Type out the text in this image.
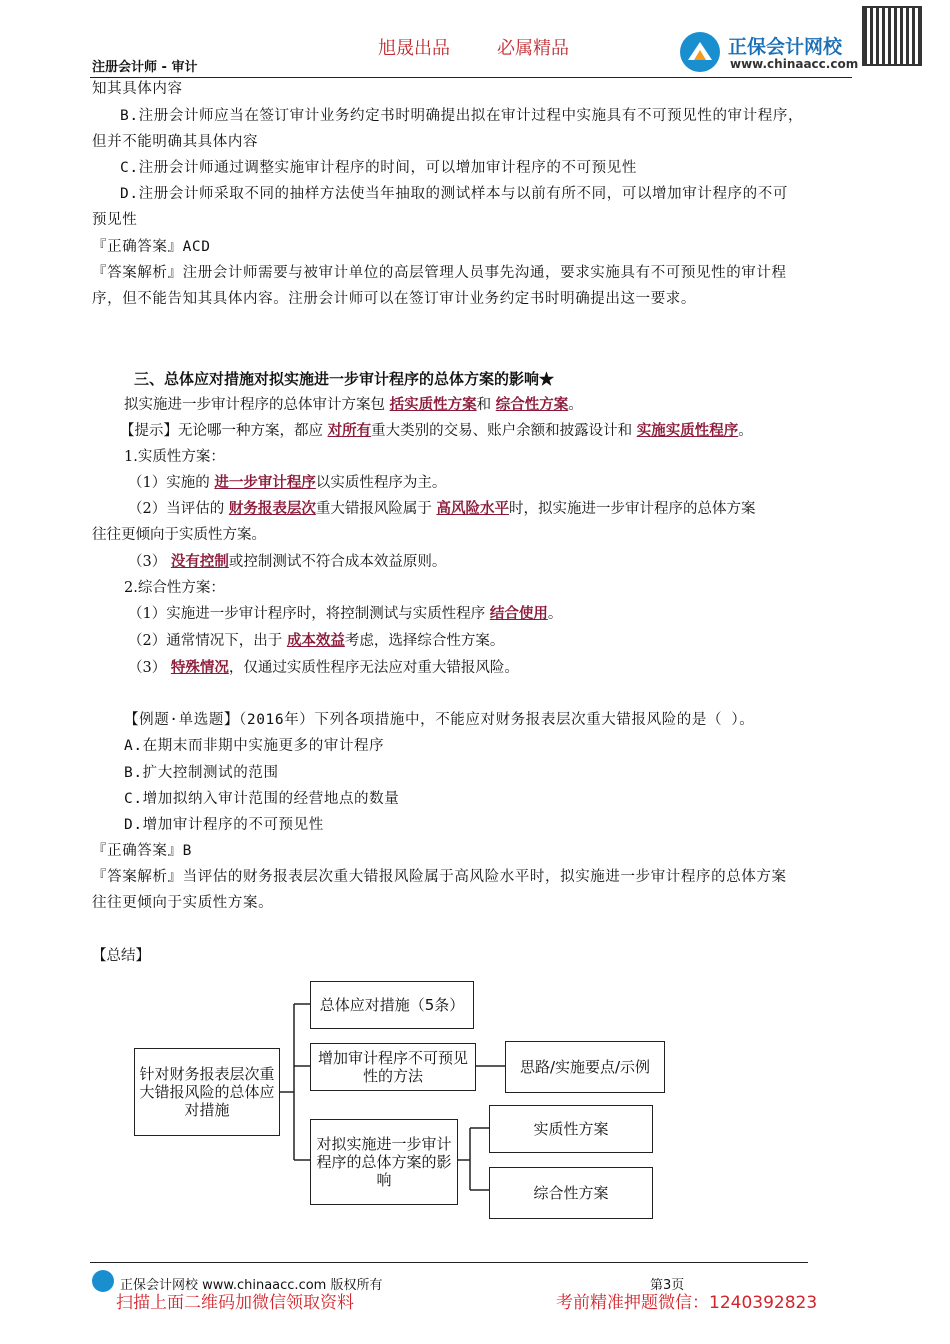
旭晟出品	必属精品
注册会计师 - 审计
正保会计网校
www.chinaacc.com
知其具体内容
B.注册会计师应当在签订审计业务约定书时明确提出拟在审计过程中实施具有不可预见性的审计程序，
但并不能明确其具体内容
C.注册会计师通过调整实施审计程序的时间，可以增加审计程序的不可预见性
D.注册会计师采取不同的抽样方法使当年抽取的测试样本与以前有所不同，可以增加审计程序的不可
预见性
『正确答案』ACD
『答案解析』注册会计师需要与被审计单位的高层管理人员事先沟通，要求实施具有不可预见性的审计程
序，但不能告知其具体内容。注册会计师可以在签订审计业务约定书时明确提出这一要求。
三、总体应对措施对拟实施进一步审计程序的总体方案的影响★
拟实施进一步审计程序的总体审计方案包 括实质性方案和 综合性方案。
【提示】无论哪一种方案，都应 对所有重大类别的交易、账户余额和披露设计和 实施实质性程序。
1.实质性方案：
（1）实施的 进一步审计程序以实质性程序为主。
（2）当评估的 财务报表层次重大错报风险属于 高风险水平时，拟实施进一步审计程序的总体方案
往往更倾向于实质性方案。
（3） 没有控制或控制测试不符合成本效益原则。
2.综合性方案：
（1）实施进一步审计程序时，将控制测试与实质性程序 结合使用。
（2）通常情况下，出于 成本效益考虑，选择综合性方案。
（3） 特殊情况，仅通过实质性程序无法应对重大错报风险。
【例题·单选题】（2016年）下列各项措施中，不能应对财务报表层次重大错报风险的是（ ）。
A.在期末而非期中实施更多的审计程序
B.扩大控制测试的范围
C.增加拟纳入审计范围的经营地点的数量
D.增加审计程序的不可预见性
『正确答案』B
『答案解析』当评估的财务报表层次重大错报风险属于高风险水平时，拟实施进一步审计程序的总体方案
往往更倾向于实质性方案。
【总结】
针对财务报表层次重大错报风险的总体应对措施
总体应对措施（5条）
增加审计程序不可预见性的方法	思路/实施要点/示例
对拟实施进一步审计程序的总体方案的影响
实质性方案
综合性方案
正保会计网校 www.chinaacc.com 版权所有	第3页
扫描上面二维码加微信领取资料	考前精准押题微信：1240392823
